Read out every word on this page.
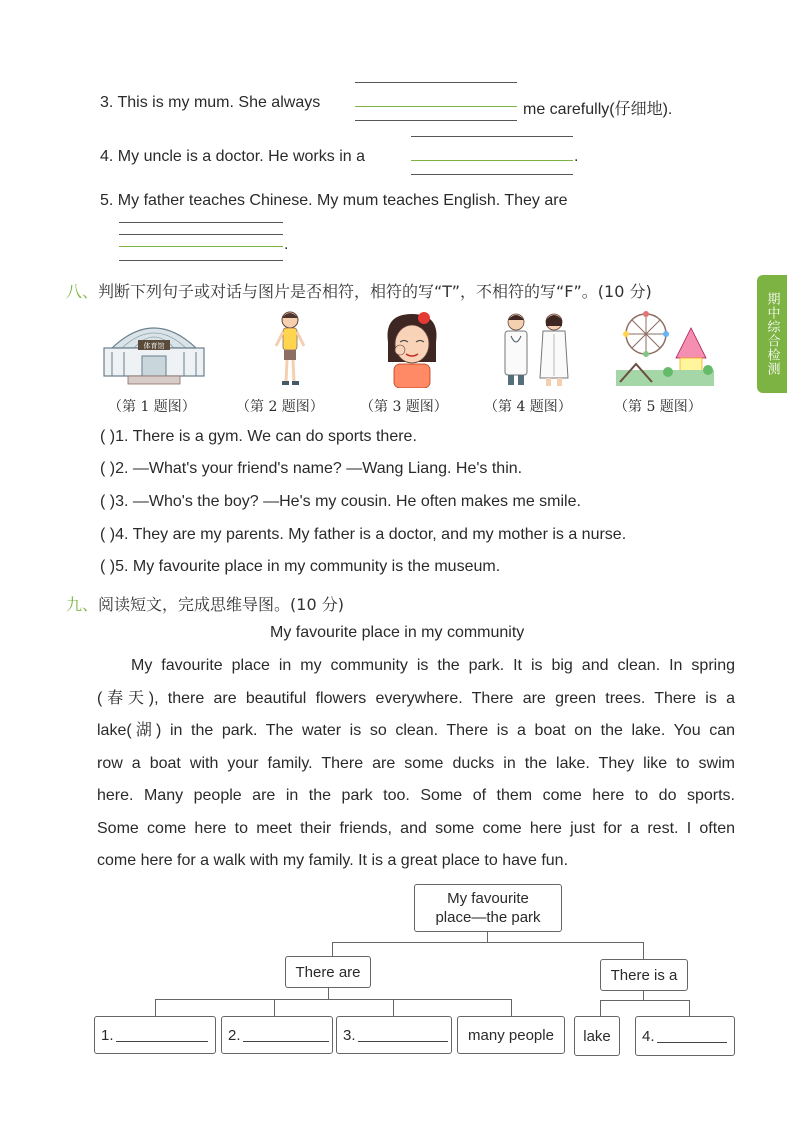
3. This is my mum. She always	me carefully(仔细地).
4. My uncle is a doctor. He works in a	.
5. My father teaches Chinese. My mum teaches English. They are
.
八、判断下列句子或对话与图片是否相符，相符的写“T”，不相符的写“F”。(10 分)
体育馆
（第 1 题图）	（第 2 题图）	（第 3 题图）	（第 4 题图）	（第 5 题图）
( )1. There is a gym. We can do sports there.
( )2. —What's your friend's name? —Wang Liang. He's thin.
( )3. —Who's the boy? —He's my cousin. He often makes me smile.
( )4. They are my parents. My father is a doctor, and my mother is a nurse.
( )5. My favourite place in my community is the museum.
九、阅读短文，完成思维导图。(10 分)
My favourite place in my community
My favourite place in my community is the park. It is big and clean. In spring
(春天), there are beautiful flowers everywhere. There are green trees. There is a
lake(湖) in the park. The water is so clean. There is a boat on the lake. You can
row a boat with your family. There are some ducks in the lake. They like to swim
here. Many people are in the park too. Some of them come here to do sports.
Some come here to meet their friends, and some come here just for a rest. I often
come here for a walk with my family. It is a great place to have fun.
My favourite
place—the park
There are	There is a
1.	2.	3.	many people lake 4.
期中综合检测
